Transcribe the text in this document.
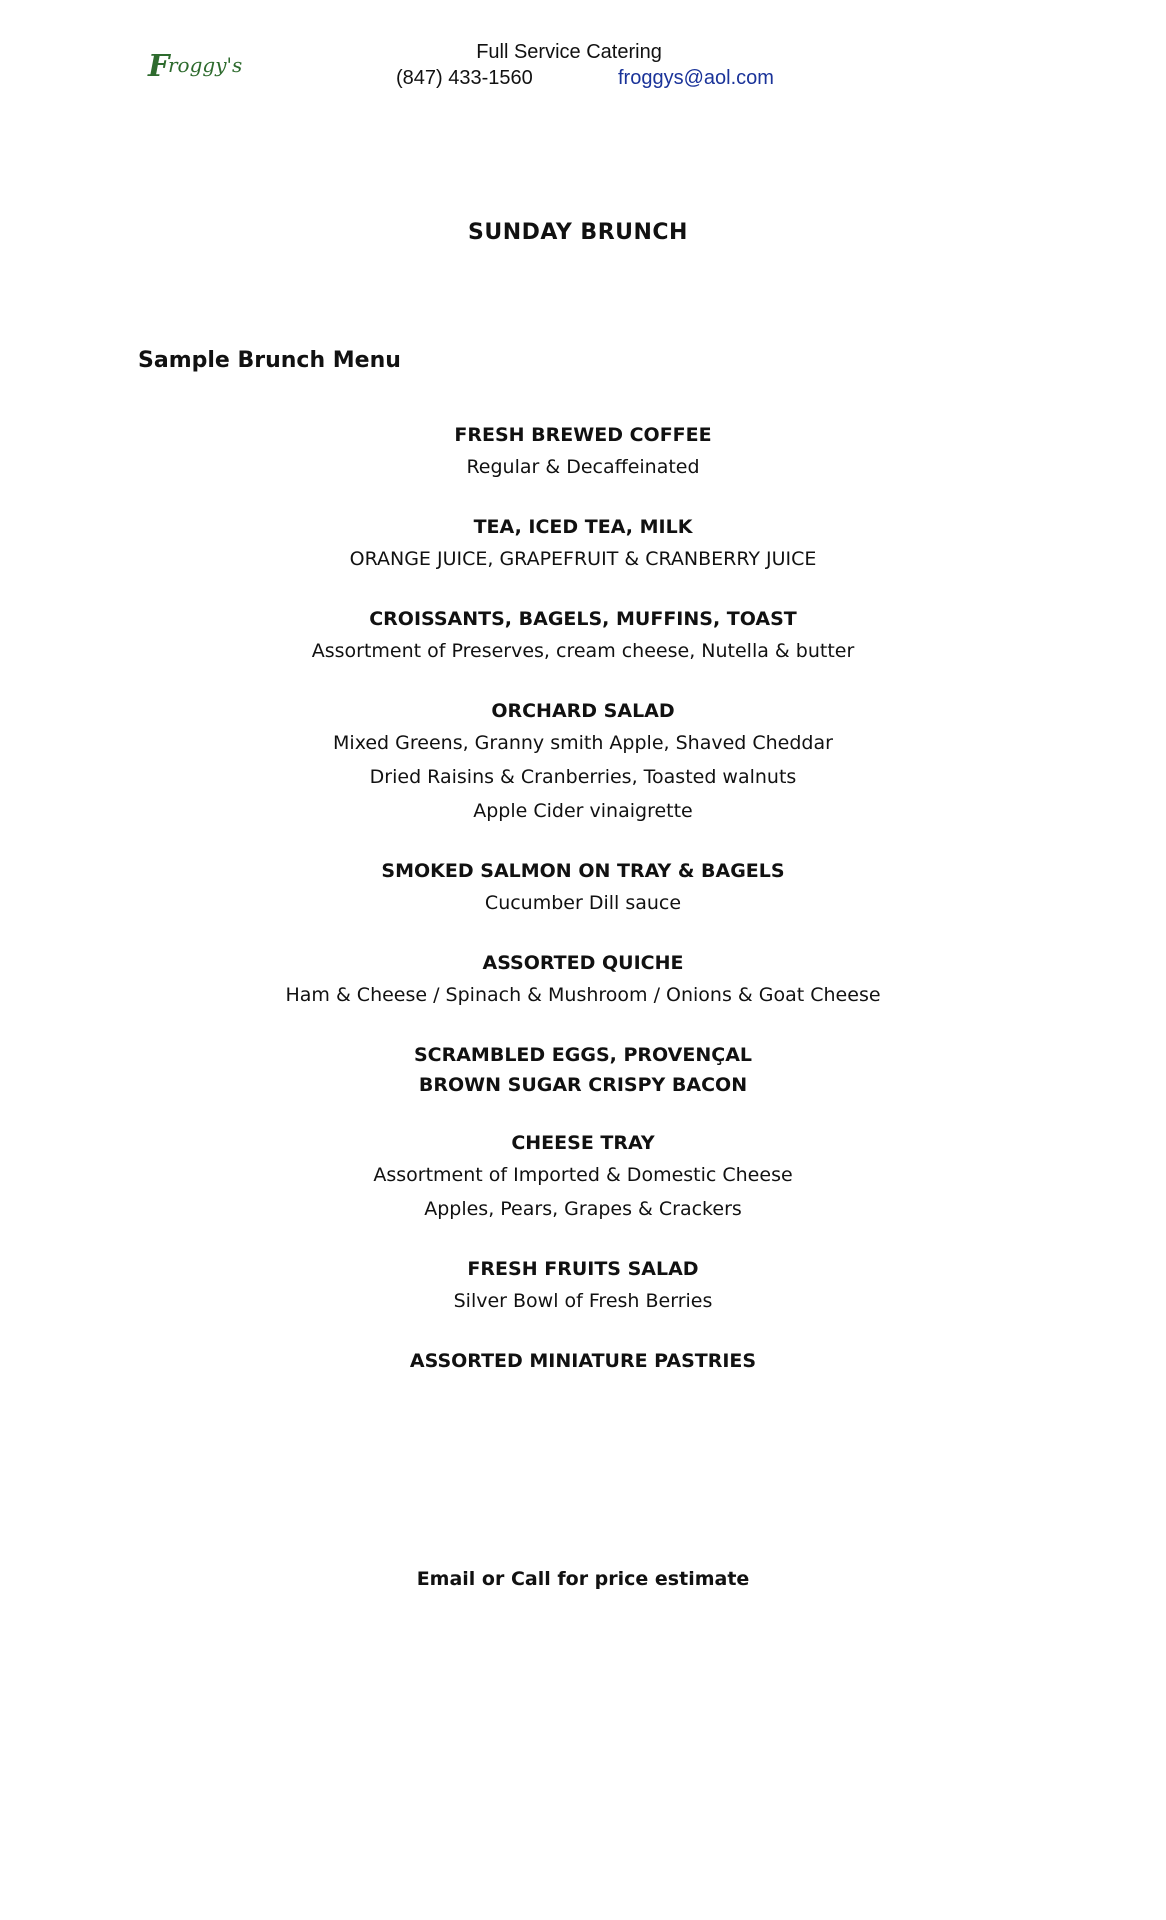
F
roggy's
Full Service Catering
(847) 433-1560	froggys@aol.com
SUNDAY BRUNCH
Sample Brunch Menu
FRESH BREWED COFFEE
Regular & Decaffeinated
TEA, ICED TEA, MILK
ORANGE JUICE, GRAPEFRUIT & CRANBERRY JUICE
CROISSANTS, BAGELS, MUFFINS, TOAST
Assortment of Preserves, cream cheese, Nutella & butter
ORCHARD SALAD
Mixed Greens, Granny smith Apple, Shaved Cheddar
Dried Raisins & Cranberries, Toasted walnuts
Apple Cider vinaigrette
SMOKED SALMON ON TRAY & BAGELS
Cucumber Dill sauce
ASSORTED QUICHE
Ham & Cheese / Spinach & Mushroom / Onions & Goat Cheese
SCRAMBLED EGGS, PROVENÇAL
BROWN SUGAR CRISPY BACON
CHEESE TRAY
Assortment of Imported & Domestic Cheese
Apples, Pears, Grapes & Crackers
FRESH FRUITS SALAD
Silver Bowl of Fresh Berries
ASSORTED MINIATURE PASTRIES
Email or Call for price estimate
